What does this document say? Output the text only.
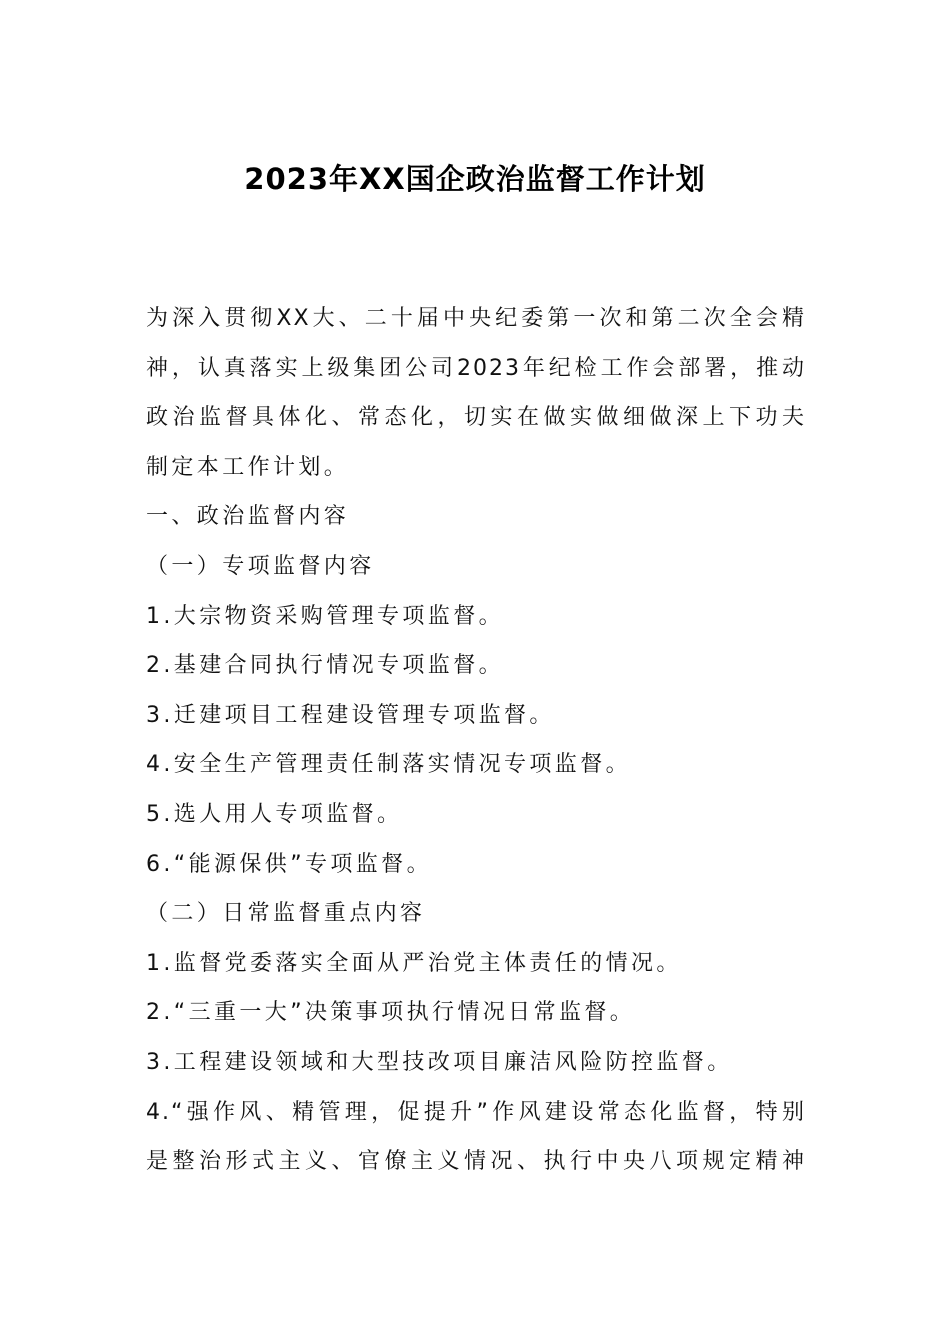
2023年XX国企政治监督工作计划

为深入贯彻XX大、二十届中央纪委第一次和第二次全会精

神，认真落实上级集团公司2023年纪检工作会部署，推动

政治监督具体化、常态化，切实在做实做细做深上下功夫

制定本工作计划。

一、政治监督内容

（一）专项监督内容

1.大宗物资采购管理专项监督。

2.基建合同执行情况专项监督。

3.迁建项目工程建设管理专项监督。

4.安全生产管理责任制落实情况专项监督。

5.选人用人专项监督。

6.“能源保供”专项监督。

（二）日常监督重点内容

1.监督党委落实全面从严治党主体责任的情况。

2.“三重一大”决策事项执行情况日常监督。

3.工程建设领域和大型技改项目廉洁风险防控监督。

4.“强作风、精管理，促提升”作风建设常态化监督，特别

是整治形式主义、官僚主义情况、执行中央八项规定精神
